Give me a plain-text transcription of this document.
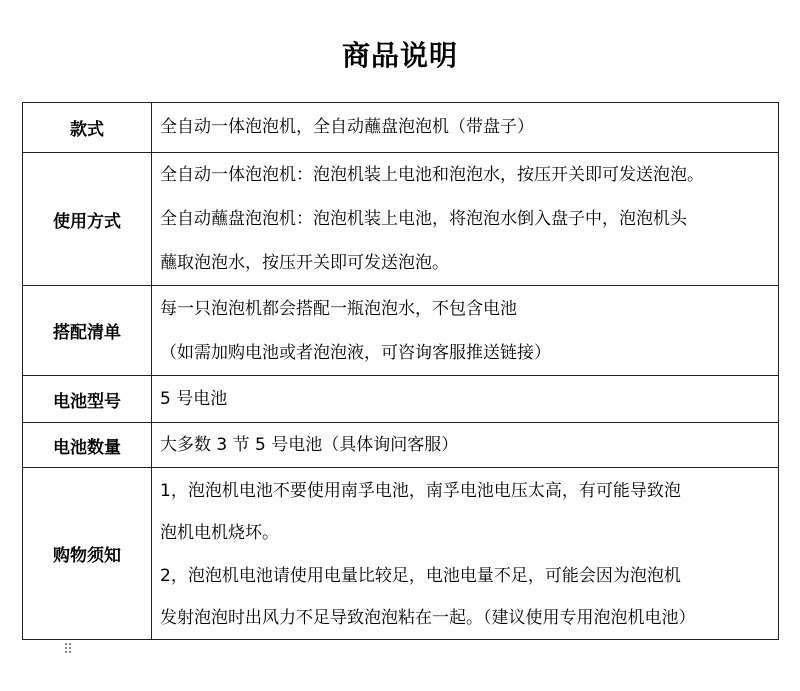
商品说明
款式	全自动一体泡泡机，全自动蘸盘泡泡机（带盘子）

使用方式	全自动一体泡泡机：泡泡机装上电池和泡泡水，按压开关即可发送泡泡。
全自动蘸盘泡泡机：泡泡机装上电池，将泡泡水倒入盘子中，泡泡机头
蘸取泡泡水，按压开关即可发送泡泡。

搭配清单	每一只泡泡机都会搭配一瓶泡泡水，不包含电池
（如需加购电池或者泡泡液，可咨询客服推送链接）

电池型号	5 号电池

电池数量	大多数 3 节 5 号电池（具体询问客服）

购物须知	1，泡泡机电池不要使用南孚电池，南孚电池电压太高，有可能导致泡
泡机电机烧坏。
2，泡泡机电池请使用电量比较足，电池电量不足，可能会因为泡泡机
发射泡泡时出风力不足导致泡泡粘在一起。（建议使用专用泡泡机电池）
⠿
